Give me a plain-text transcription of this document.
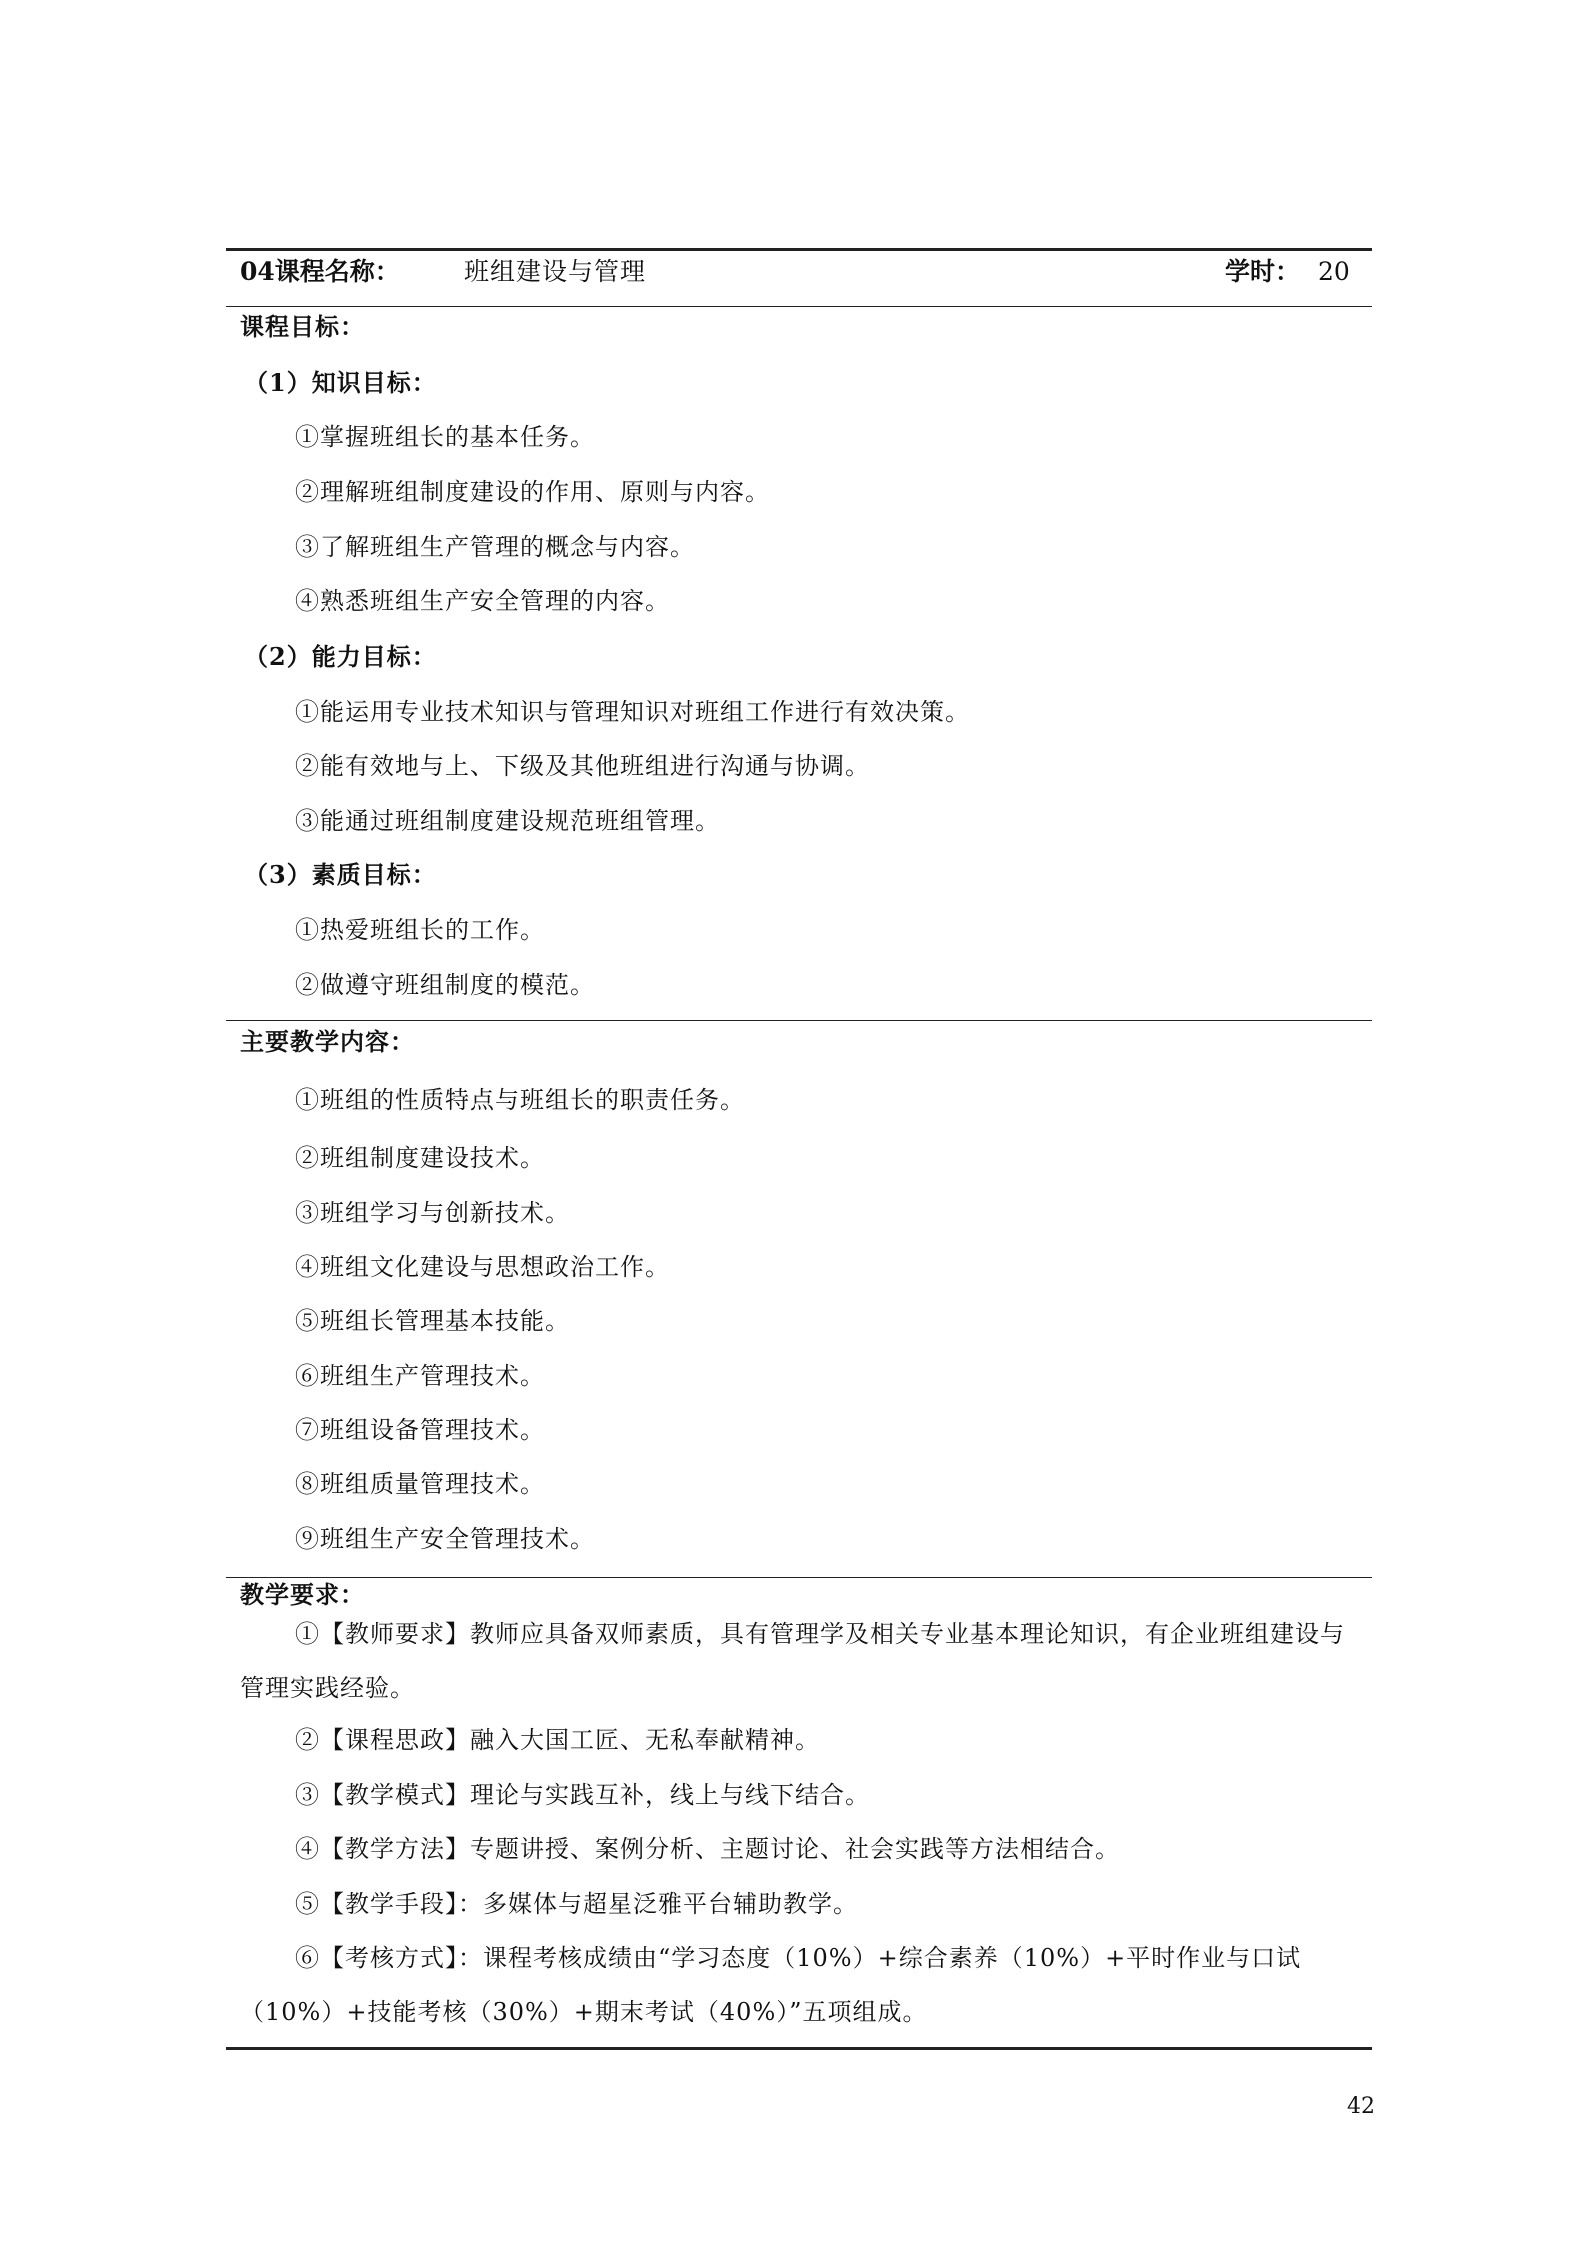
04课程名称：	班组建设与管理	学时： 20
课程目标：
（1）知识目标：
①掌握班组长的基本任务。
②理解班组制度建设的作用、原则与内容。
③了解班组生产管理的概念与内容。
④熟悉班组生产安全管理的内容。
（2）能力目标：
①能运用专业技术知识与管理知识对班组工作进行有效决策。
②能有效地与上、下级及其他班组进行沟通与协调。
③能通过班组制度建设规范班组管理。
（3）素质目标：
①热爱班组长的工作。
②做遵守班组制度的模范。
主要教学内容：
①班组的性质特点与班组长的职责任务。
②班组制度建设技术。
③班组学习与创新技术。
④班组文化建设与思想政治工作。
⑤班组长管理基本技能。
⑥班组生产管理技术。
⑦班组设备管理技术。
⑧班组质量管理技术。
⑨班组生产安全管理技术。
教学要求：
①【教师要求】教师应具备双师素质，具有管理学及相关专业基本理论知识，有企业班组建设与管理实践经验。
②【课程思政】融入大国工匠、无私奉献精神。
③【教学模式】理论与实践互补，线上与线下结合。
④【教学方法】专题讲授、案例分析、主题讨论、社会实践等方法相结合。
⑤【教学手段】：多媒体与超星泛雅平台辅助教学。
⑥【考核方式】：课程考核成绩由“学习态度（10%）+综合素养（10%）+平时作业与口试（10%）+技能考核（30%）+期末考试（40%）”五项组成。
42
